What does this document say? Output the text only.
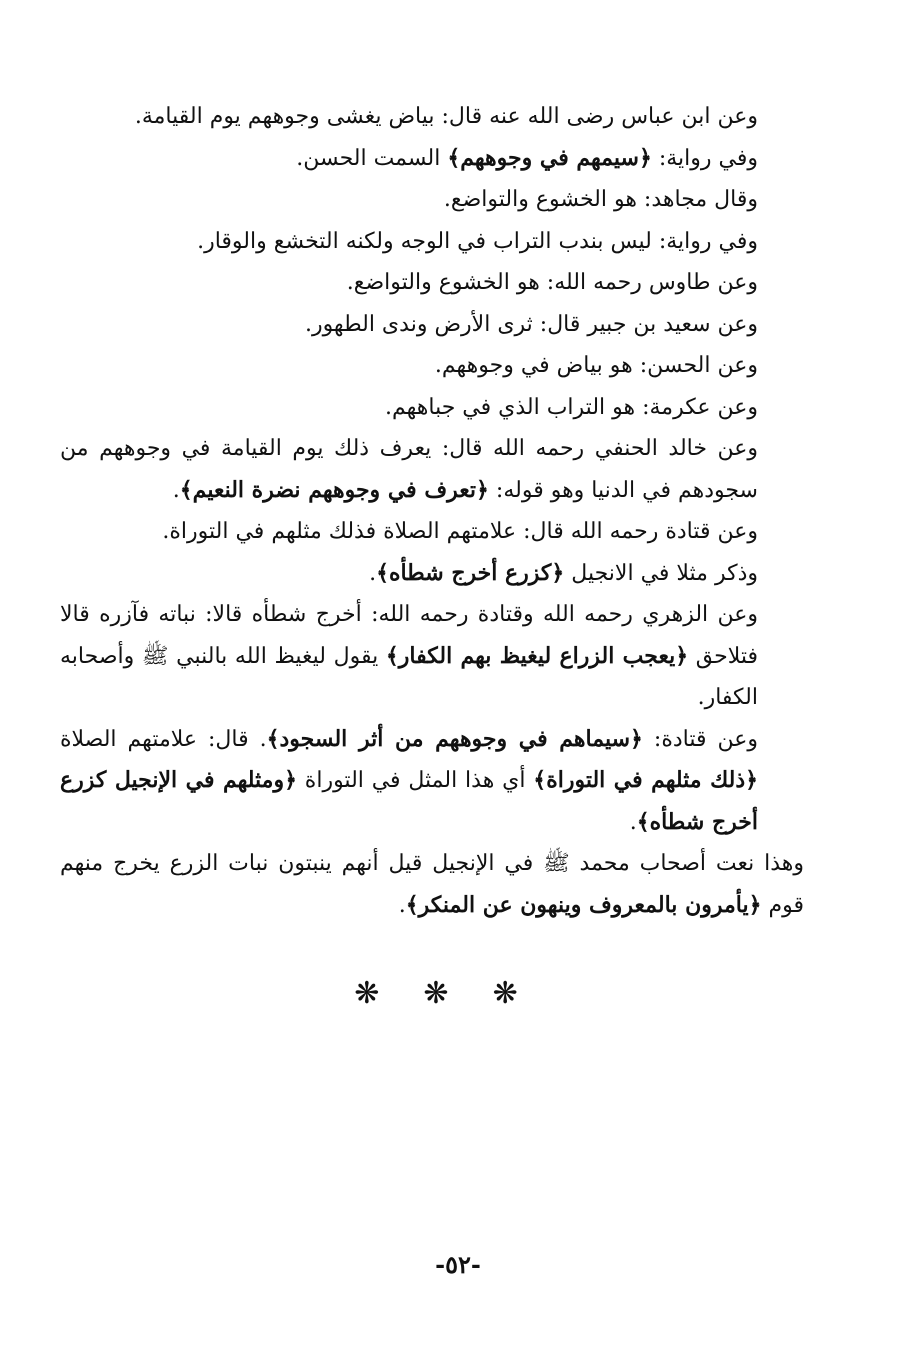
وعن ابن عباس رضى الله عنه قال: بياض يغشى وجوههم يوم القيامة.

وفي رواية: ﴿سيمهم في وجوههم﴾ السمت الحسن.

وقال مجاهد: هو الخشوع والتواضع.

وفي رواية: ليس بندب التراب في الوجه ولكنه التخشع والوقار.

وعن طاوس رحمه الله: هو الخشوع والتواضع.

وعن سعيد بن جبير قال: ثرى الأرض وندى الطهور.

وعن الحسن: هو بياض في وجوههم.

وعن عكرمة: هو التراب الذي في جباههم.

وعن خالد الحنفي رحمه الله قال: يعرف ذلك يوم القيامة في وجوههم من سجودهم في الدنيا وهو قوله: ﴿تعرف في وجوههم نضرة النعيم﴾.

وعن قتادة رحمه الله قال: علامتهم الصلاة فذلك مثلهم في التوراة.

وذكر مثلا في الانجيل ﴿كزرع أخرج شطأه﴾.

وعن الزهري رحمه الله وقتادة رحمه الله: أخرج شطأه قالا: نباته فآزره قالا فتلاحق ﴿يعجب الزراع ليغيظ بهم الكفار﴾ يقول ليغيظ الله بالنبي ﷺ وأصحابه الكفار.

وعن قتادة: ﴿سيماهم في وجوههم من أثر السجود﴾. قال: علامتهم الصلاة ﴿ذلك مثلهم في التوراة﴾ أي هذا المثل في التوراة ﴿ومثلهم في الإنجيل كزرع أخرج شطأه﴾.

وهذا نعت أصحاب محمد ﷺ في الإنجيل قيل أنهم ينبتون نبات الزرع يخرج منهم قوم ﴿يأمرون بالمعروف وينهون عن المنكر﴾.

❋❋❋
-٥٢-
